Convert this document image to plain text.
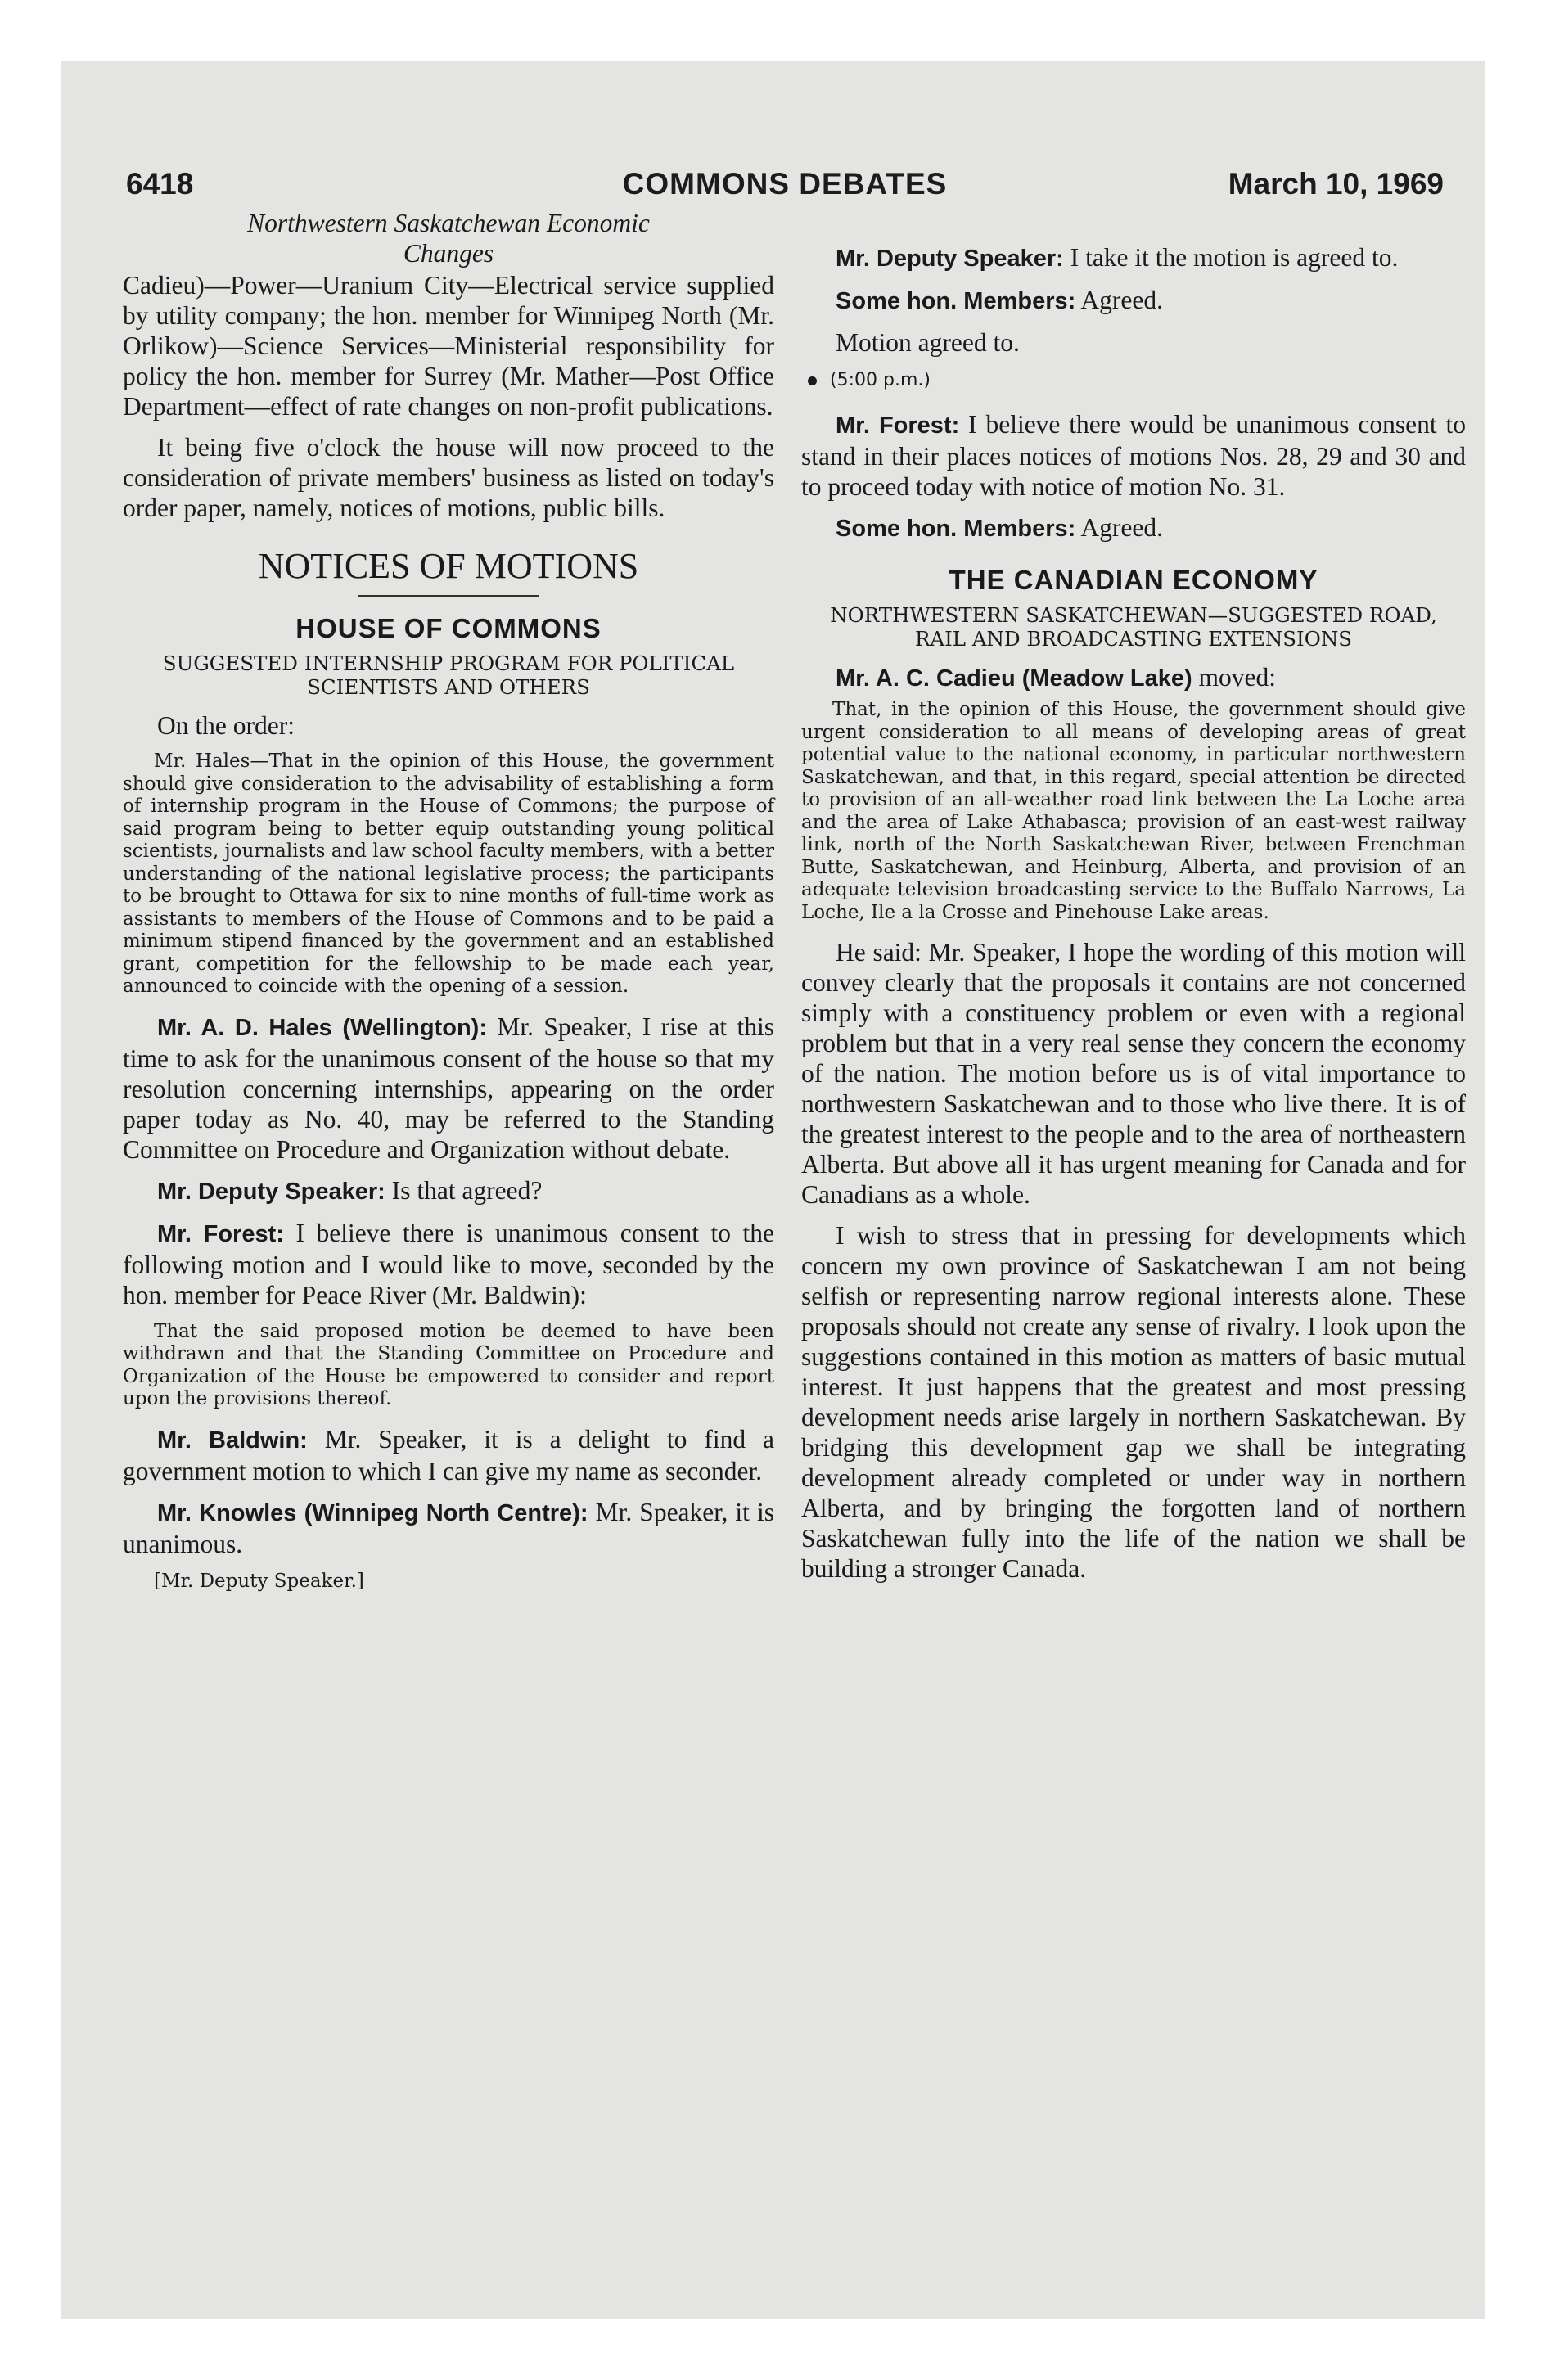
6418	COMMONS DEBATES	March 10, 1969

Northwestern Saskatchewan Economic Changes

Cadieu)—Power—Uranium City—Electrical service supplied by utility company; the hon. member for Winnipeg North (Mr. Orlikow)—Science Services—Ministerial responsibility for policy the hon. member for Surrey (Mr. Mather—Post Office Department—effect of rate changes on non-profit publications.

It being five o'clock the house will now proceed to the consideration of private members' business as listed on today's order paper, namely, notices of motions, public bills.

NOTICES OF MOTIONS

HOUSE OF COMMONS

SUGGESTED INTERNSHIP PROGRAM FOR POLITICAL SCIENTISTS AND OTHERS

On the order:

Mr. Hales—That in the opinion of this House, the government should give consideration to the advisability of establishing a form of internship program in the House of Commons; the purpose of said program being to better equip outstanding young political scientists, journalists and law school faculty members, with a better understanding of the national legislative process; the participants to be brought to Ottawa for six to nine months of full-time work as assistants to members of the House of Commons and to be paid a minimum stipend financed by the government and an established grant, competition for the fellowship to be made each year, announced to coincide with the opening of a session.

Mr. A. D. Hales (Wellington): Mr. Speaker, I rise at this time to ask for the unanimous consent of the house so that my resolution concerning internships, appearing on the order paper today as No. 40, may be referred to the Standing Committee on Procedure and Organization without debate.

Mr. Deputy Speaker: Is that agreed?

Mr. Forest: I believe there is unanimous consent to the following motion and I would like to move, seconded by the hon. member for Peace River (Mr. Baldwin):

That the said proposed motion be deemed to have been withdrawn and that the Standing Committee on Procedure and Organization of the House be empowered to consider and report upon the provisions thereof.

Mr. Baldwin: Mr. Speaker, it is a delight to find a government motion to which I can give my name as seconder.

Mr. Knowles (Winnipeg North Centre): Mr. Speaker, it is unanimous.

[Mr. Deputy Speaker.]

Mr. Deputy Speaker: I take it the motion is agreed to.

Some hon. Members: Agreed.

Motion agreed to.

(5:00 p.m.)

Mr. Forest: I believe there would be unanimous consent to stand in their places notices of motions Nos. 28, 29 and 30 and to proceed today with notice of motion No. 31.

Some hon. Members: Agreed.

THE CANADIAN ECONOMY

NORTHWESTERN SASKATCHEWAN—SUGGESTED ROAD, RAIL AND BROADCASTING EXTENSIONS

Mr. A. C. Cadieu (Meadow Lake) moved:

That, in the opinion of this House, the government should give urgent consideration to all means of developing areas of great potential value to the national economy, in particular northwestern Saskatchewan, and that, in this regard, special attention be directed to provision of an all-weather road link between the La Loche area and the area of Lake Athabasca; provision of an east-west railway link, north of the North Saskatchewan River, between Frenchman Butte, Saskatchewan, and Heinburg, Alberta, and provision of an adequate television broadcasting service to the Buffalo Narrows, La Loche, Ile a la Crosse and Pinehouse Lake areas.

He said: Mr. Speaker, I hope the wording of this motion will convey clearly that the proposals it contains are not concerned simply with a constituency problem or even with a regional problem but that in a very real sense they concern the economy of the nation. The motion before us is of vital importance to northwestern Saskatchewan and to those who live there. It is of the greatest interest to the people and to the area of northeastern Alberta. But above all it has urgent meaning for Canada and for Canadians as a whole.

I wish to stress that in pressing for developments which concern my own province of Saskatchewan I am not being selfish or representing narrow regional interests alone. These proposals should not create any sense of rivalry. I look upon the suggestions contained in this motion as matters of basic mutual interest. It just happens that the greatest and most pressing development needs arise largely in northern Saskatchewan. By bridging this development gap we shall be integrating development already completed or under way in northern Alberta, and by bringing the forgotten land of northern Saskatchewan fully into the life of the nation we shall be building a stronger Canada.
